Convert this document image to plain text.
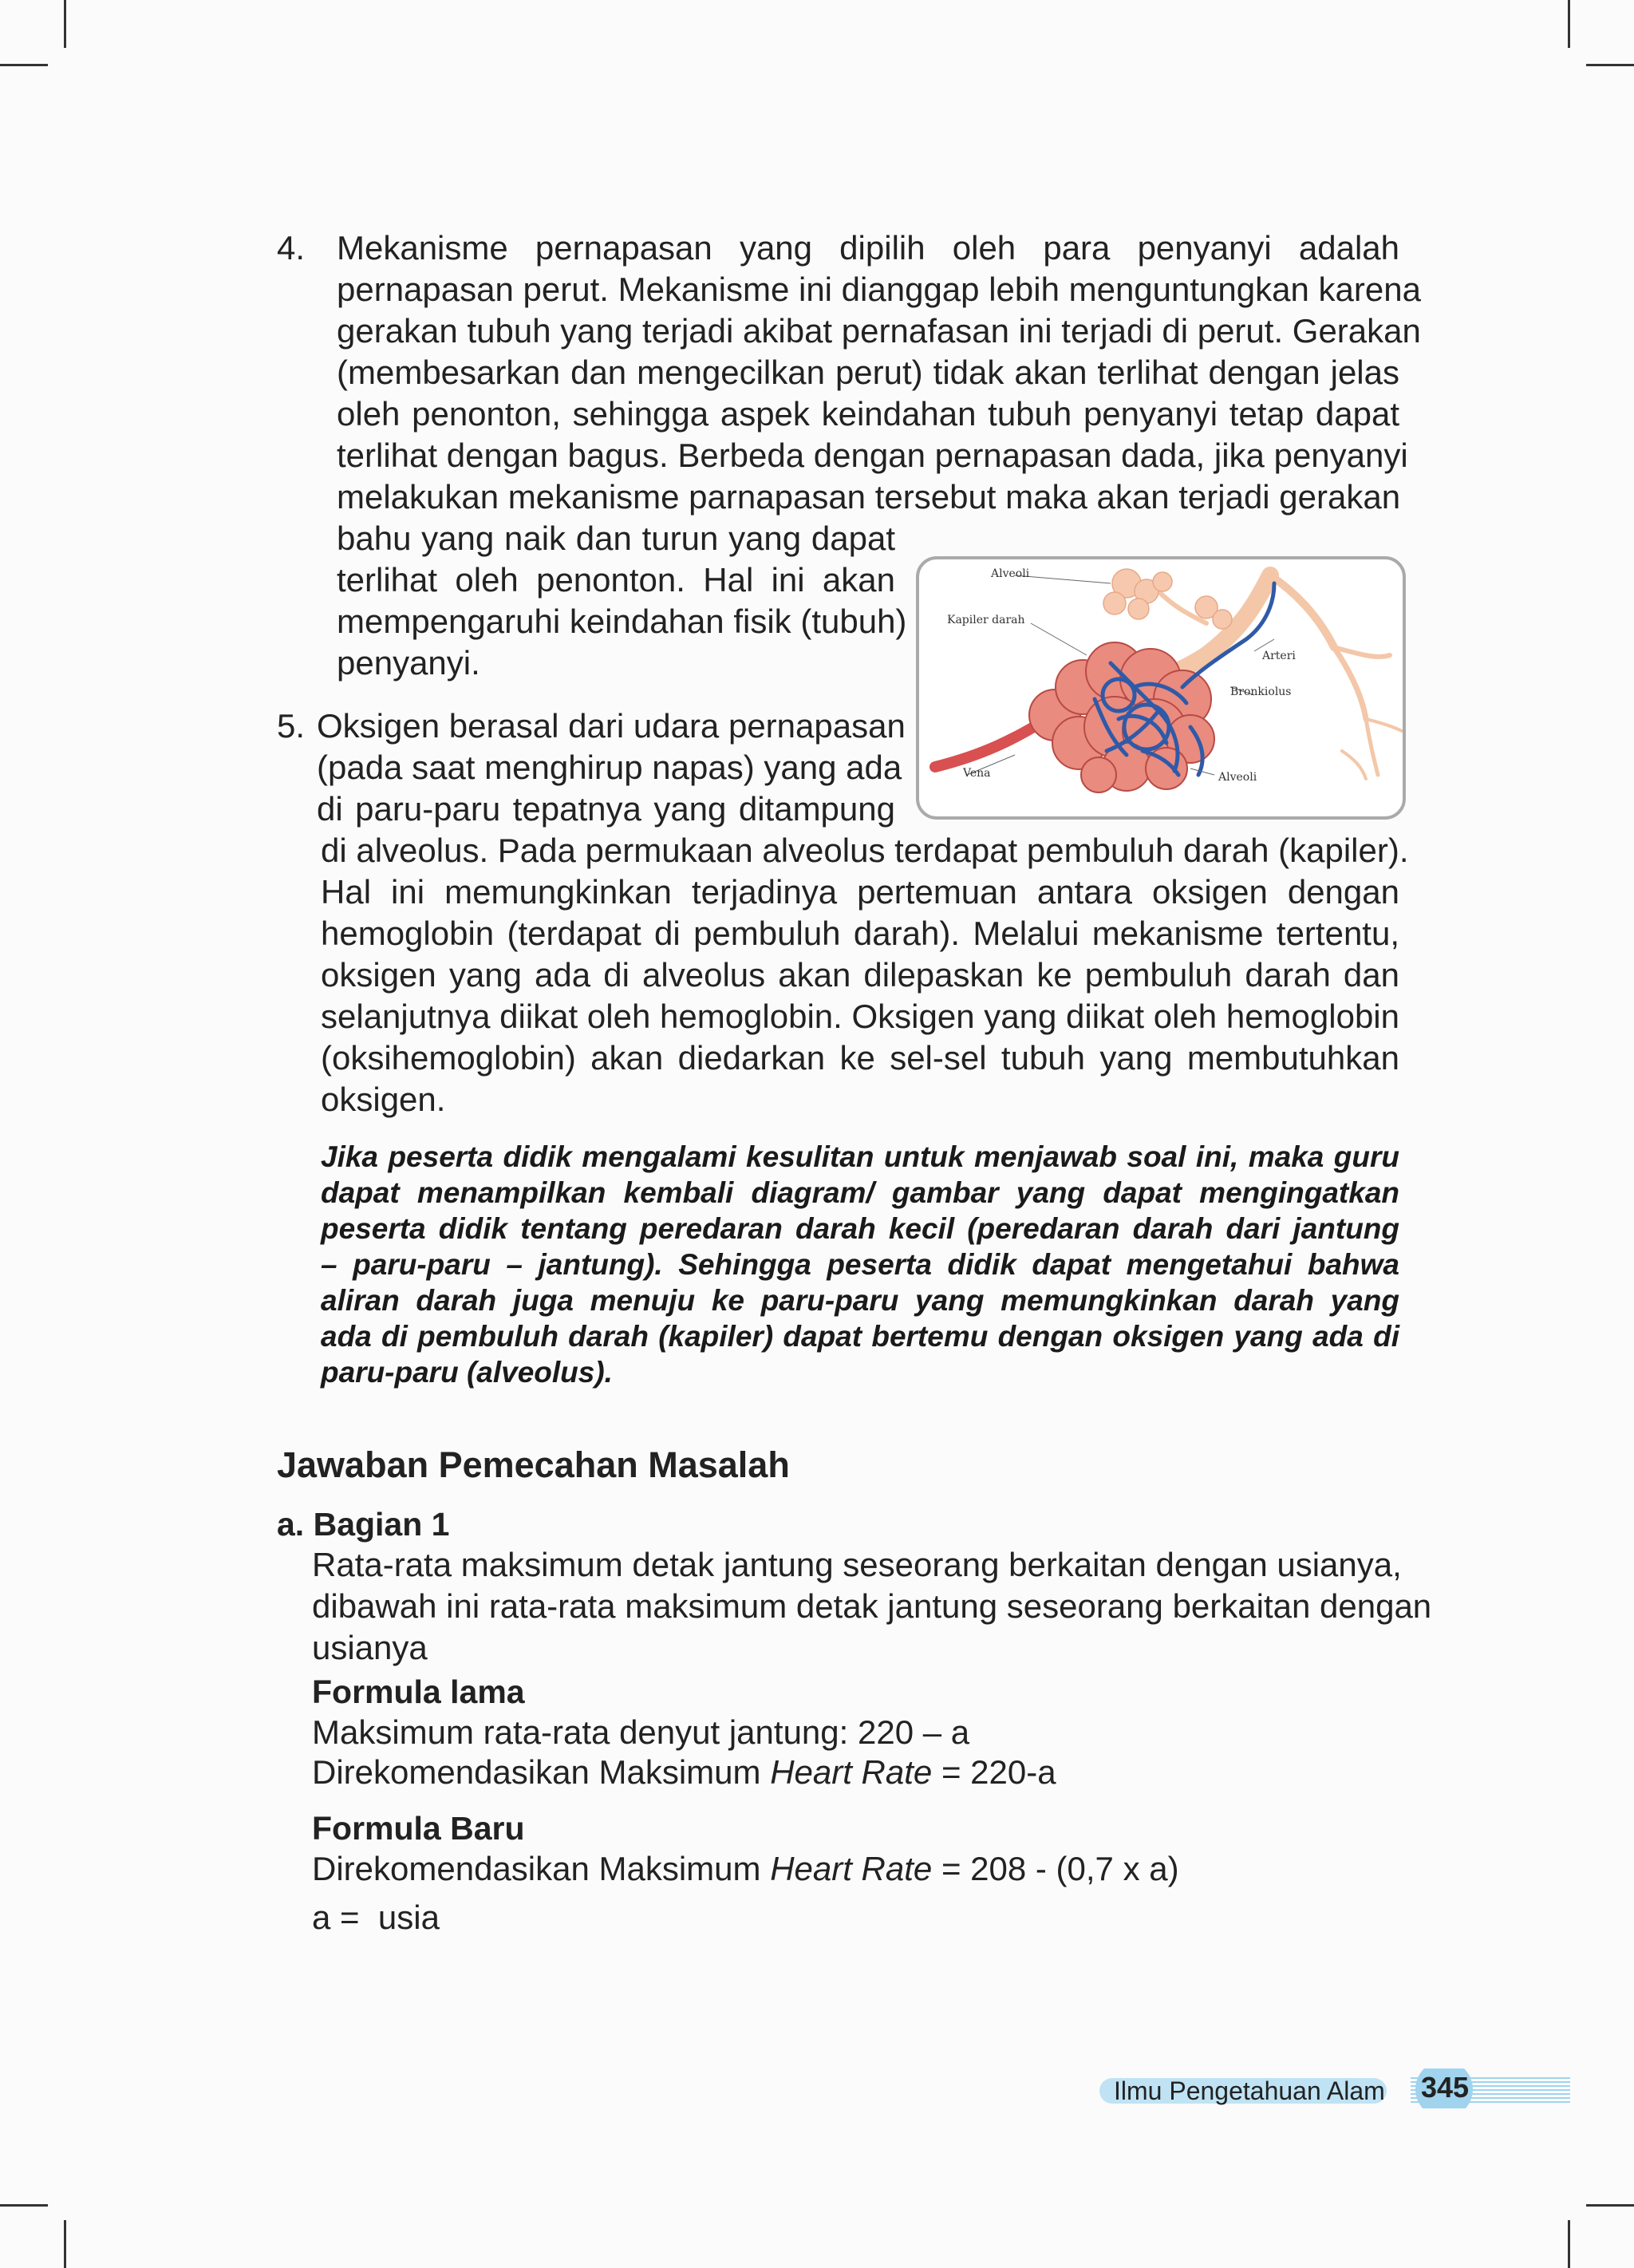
4. Mekanisme pernapasan yang dipilih oleh para penyanyi adalah
pernapasan perut. Mekanisme ini dianggap lebih menguntungkan karena
gerakan tubuh yang terjadi akibat pernafasan ini terjadi di perut. Gerakan
(membesarkan dan mengecilkan perut) tidak akan terlihat dengan jelas
oleh penonton, sehingga aspek keindahan tubuh penyanyi tetap dapat
terlihat dengan bagus. Berbeda dengan pernapasan dada, jika penyanyi
melakukan mekanisme parnapasan tersebut maka akan terjadi gerakan
bahu yang naik dan turun yang dapat
terlihat oleh penonton. Hal ini akan
mempengaruhi keindahan fisik (tubuh)
penyanyi.
5. Oksigen berasal dari udara pernapasan
(pada saat menghirup napas) yang ada
di paru-paru tepatnya yang ditampung
di alveolus. Pada permukaan alveolus terdapat pembuluh darah (kapiler).
Hal ini memungkinkan terjadinya pertemuan antara oksigen dengan
hemoglobin (terdapat di pembuluh darah). Melalui mekanisme tertentu,
oksigen yang ada di alveolus akan dilepaskan ke pembuluh darah dan
selanjutnya diikat oleh hemoglobin. Oksigen yang diikat oleh hemoglobin
(oksihemoglobin) akan diedarkan ke sel-sel tubuh yang membutuhkan
oksigen.
Alveoli
Kapiler darah
Arteri
Bronkiolus
Vena	Alveoli
Jika peserta didik mengalami kesulitan untuk menjawab soal ini, maka guru
dapat menampilkan kembali diagram/ gambar yang dapat mengingatkan
peserta didik tentang peredaran darah kecil (peredaran darah dari jantung
– paru-paru – jantung). Sehingga peserta didik dapat mengetahui bahwa
aliran darah juga menuju ke paru-paru yang memungkinkan darah yang
ada di pembuluh darah (kapiler) dapat bertemu dengan oksigen yang ada di
paru-paru (alveolus).
Jawaban Pemecahan Masalah
a. Bagian 1
Rata-rata maksimum detak jantung seseorang berkaitan dengan usianya,
dibawah ini rata-rata maksimum detak jantung seseorang berkaitan dengan
usianya
Formula lama
Maksimum rata-rata denyut jantung: 220 – a
Direkomendasikan Maksimum Heart Rate = 220-a
Formula Baru
Direkomendasikan Maksimum Heart Rate = 208 - (0,7 x a)
a =  usia
Ilmu Pengetahuan Alam 345
